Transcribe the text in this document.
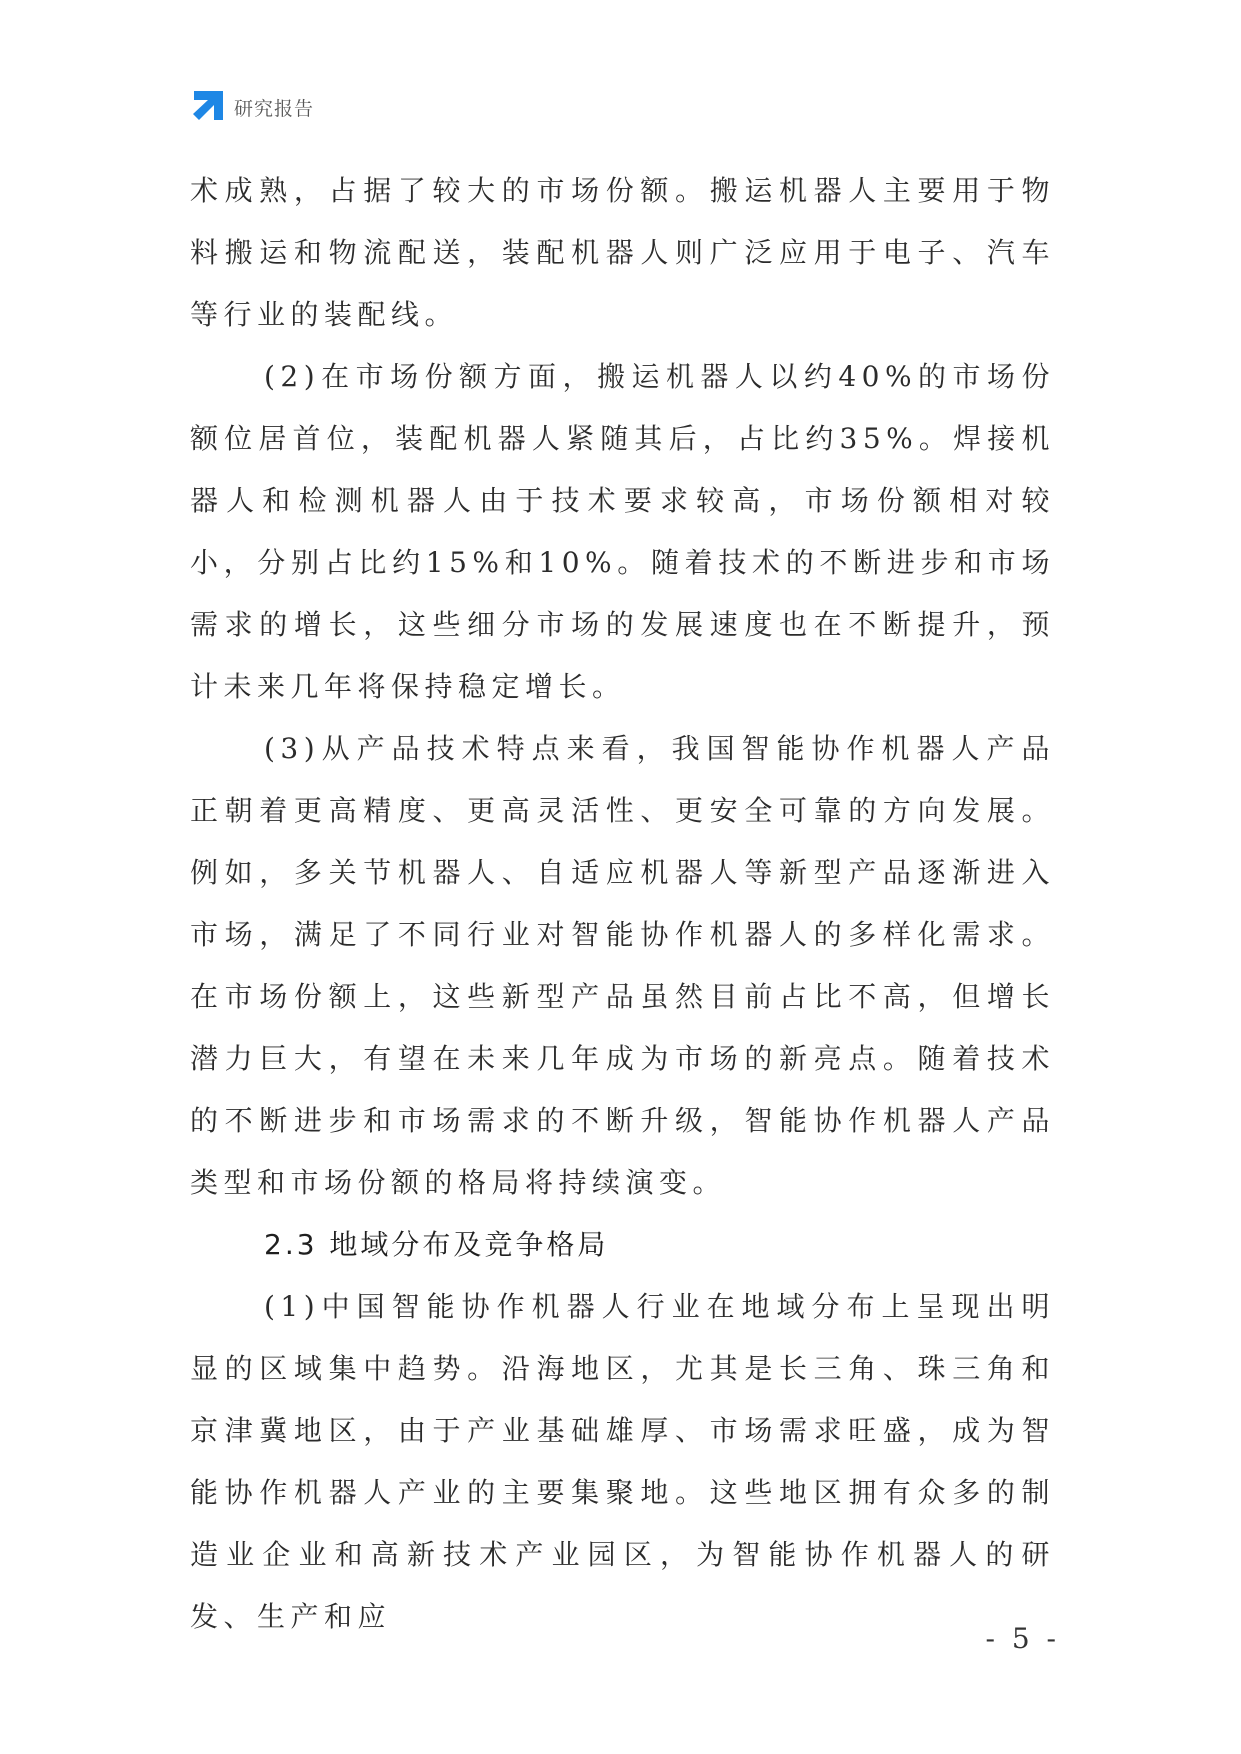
研究报告

术成熟，占据了较大的市场份额。搬运机器人主要用于物料搬运和物流配送，装配机器人则广泛应用于电子、汽车等行业的装配线。

(2)在市场份额方面，搬运机器人以约40%的市场份额位居首位，装配机器人紧随其后，占比约35%。焊接机器人和检测机器人由于技术要求较高，市场份额相对较小，分别占比约15%和10%。随着技术的不断进步和市场需求的增长，这些细分市场的发展速度也在不断提升，预计未来几年将保持稳定增长。

(3)从产品技术特点来看，我国智能协作机器人产品正朝着更高精度、更高灵活性、更安全可靠的方向发展。例如，多关节机器人、自适应机器人等新型产品逐渐进入市场，满足了不同行业对智能协作机器人的多样化需求。在市场份额上，这些新型产品虽然目前占比不高，但增长潜力巨大，有望在未来几年成为市场的新亮点。随着技术的不断进步和市场需求的不断升级，智能协作机器人产品类型和市场份额的格局将持续演变。

2.3 地域分布及竞争格局

(1)中国智能协作机器人行业在地域分布上呈现出明显的区域集中趋势。沿海地区，尤其是长三角、珠三角和京津冀地区，由于产业基础雄厚、市场需求旺盛，成为智能协作机器人产业的主要集聚地。这些地区拥有众多的制造业企业和高新技术产业园区，为智能协作机器人的研发、生产和应

- 5 -
